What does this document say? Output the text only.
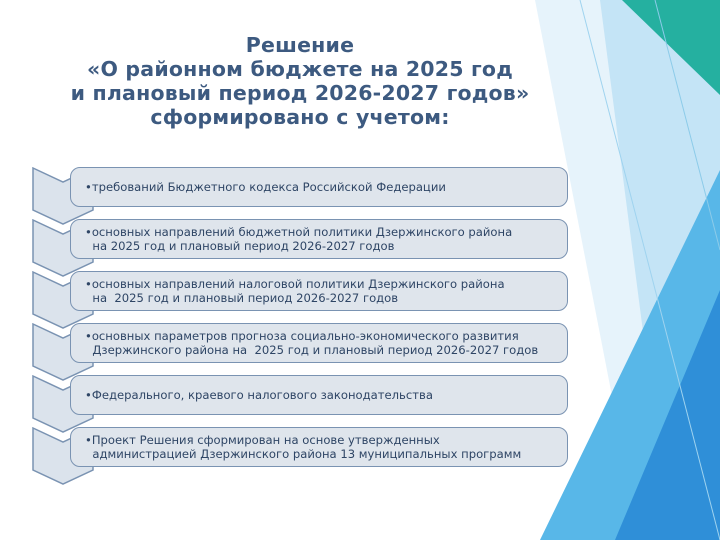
Решение
«О районном бюджете на 2025 год
и плановый период 2026-2027 годов»
сформировано с учетом:
•требований Бюджетного кодекса Российской Федерации
•основных направлений бюджетной политики Дзержинского района
на 2025 год и плановый период 2026-2027 годов
•основных направлений налоговой политики Дзержинского района
на  2025 год и плановый период 2026-2027 годов
•основных параметров прогноза социально-экономического развития
Дзержинского района на  2025 год и плановый период 2026-2027 годов
•Федерального, краевого налогового законодательства
•Проект Решения сформирован на основе утвержденных
администрацией Дзержинского района 13 муниципальных программ
